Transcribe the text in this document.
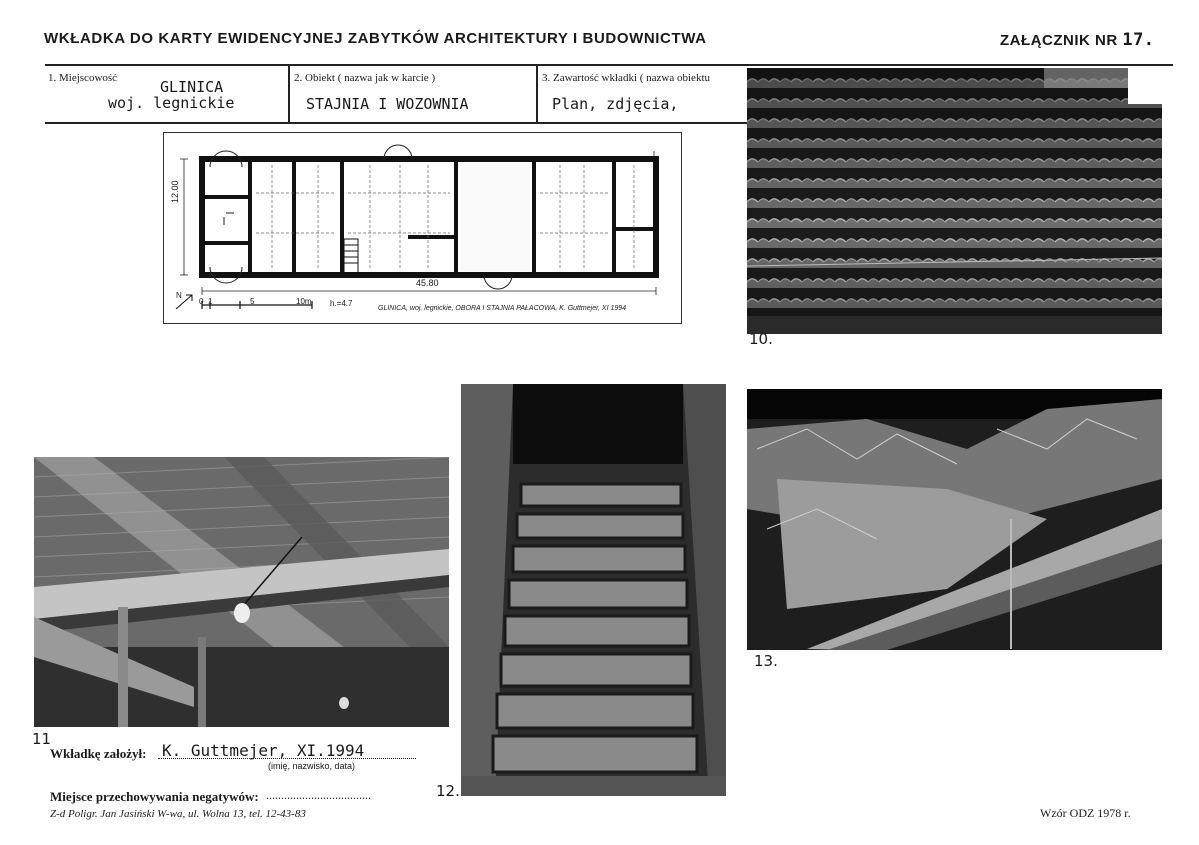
WKŁADKA DO KARTY EWIDENCYJNEJ ZABYTKÓW ARCHITEKTURY I BUDOWNICTWA	ZAŁĄCZNIK NR 17.
1. Miejscowość	GLINICA
woj. legnickie
2. Obiekt ( nazwa jak w karcie )
STAJNIA I WOZOWNIA
3. Zawartość wkładki ( nazwa obiektu
Plan, zdjęcia,
12.00
45.80
N
0 1	5	10m h.=4.7
GLINICA, woj. legnickie, OBORA I STAJNIA PAŁACOWA, K. Guttmejer, XI 1994
10.
11
12.
13.
Wkładkę założył: K. Guttmejer, XI.1994
(imię, nazwisko, data)
Miejsce przechowywania negatywów: ...................................
Z-d Poligr. Jan Jasiński W-wa, ul. Wolna 13, tel. 12-43-83	Wzór ODZ 1978 r.
